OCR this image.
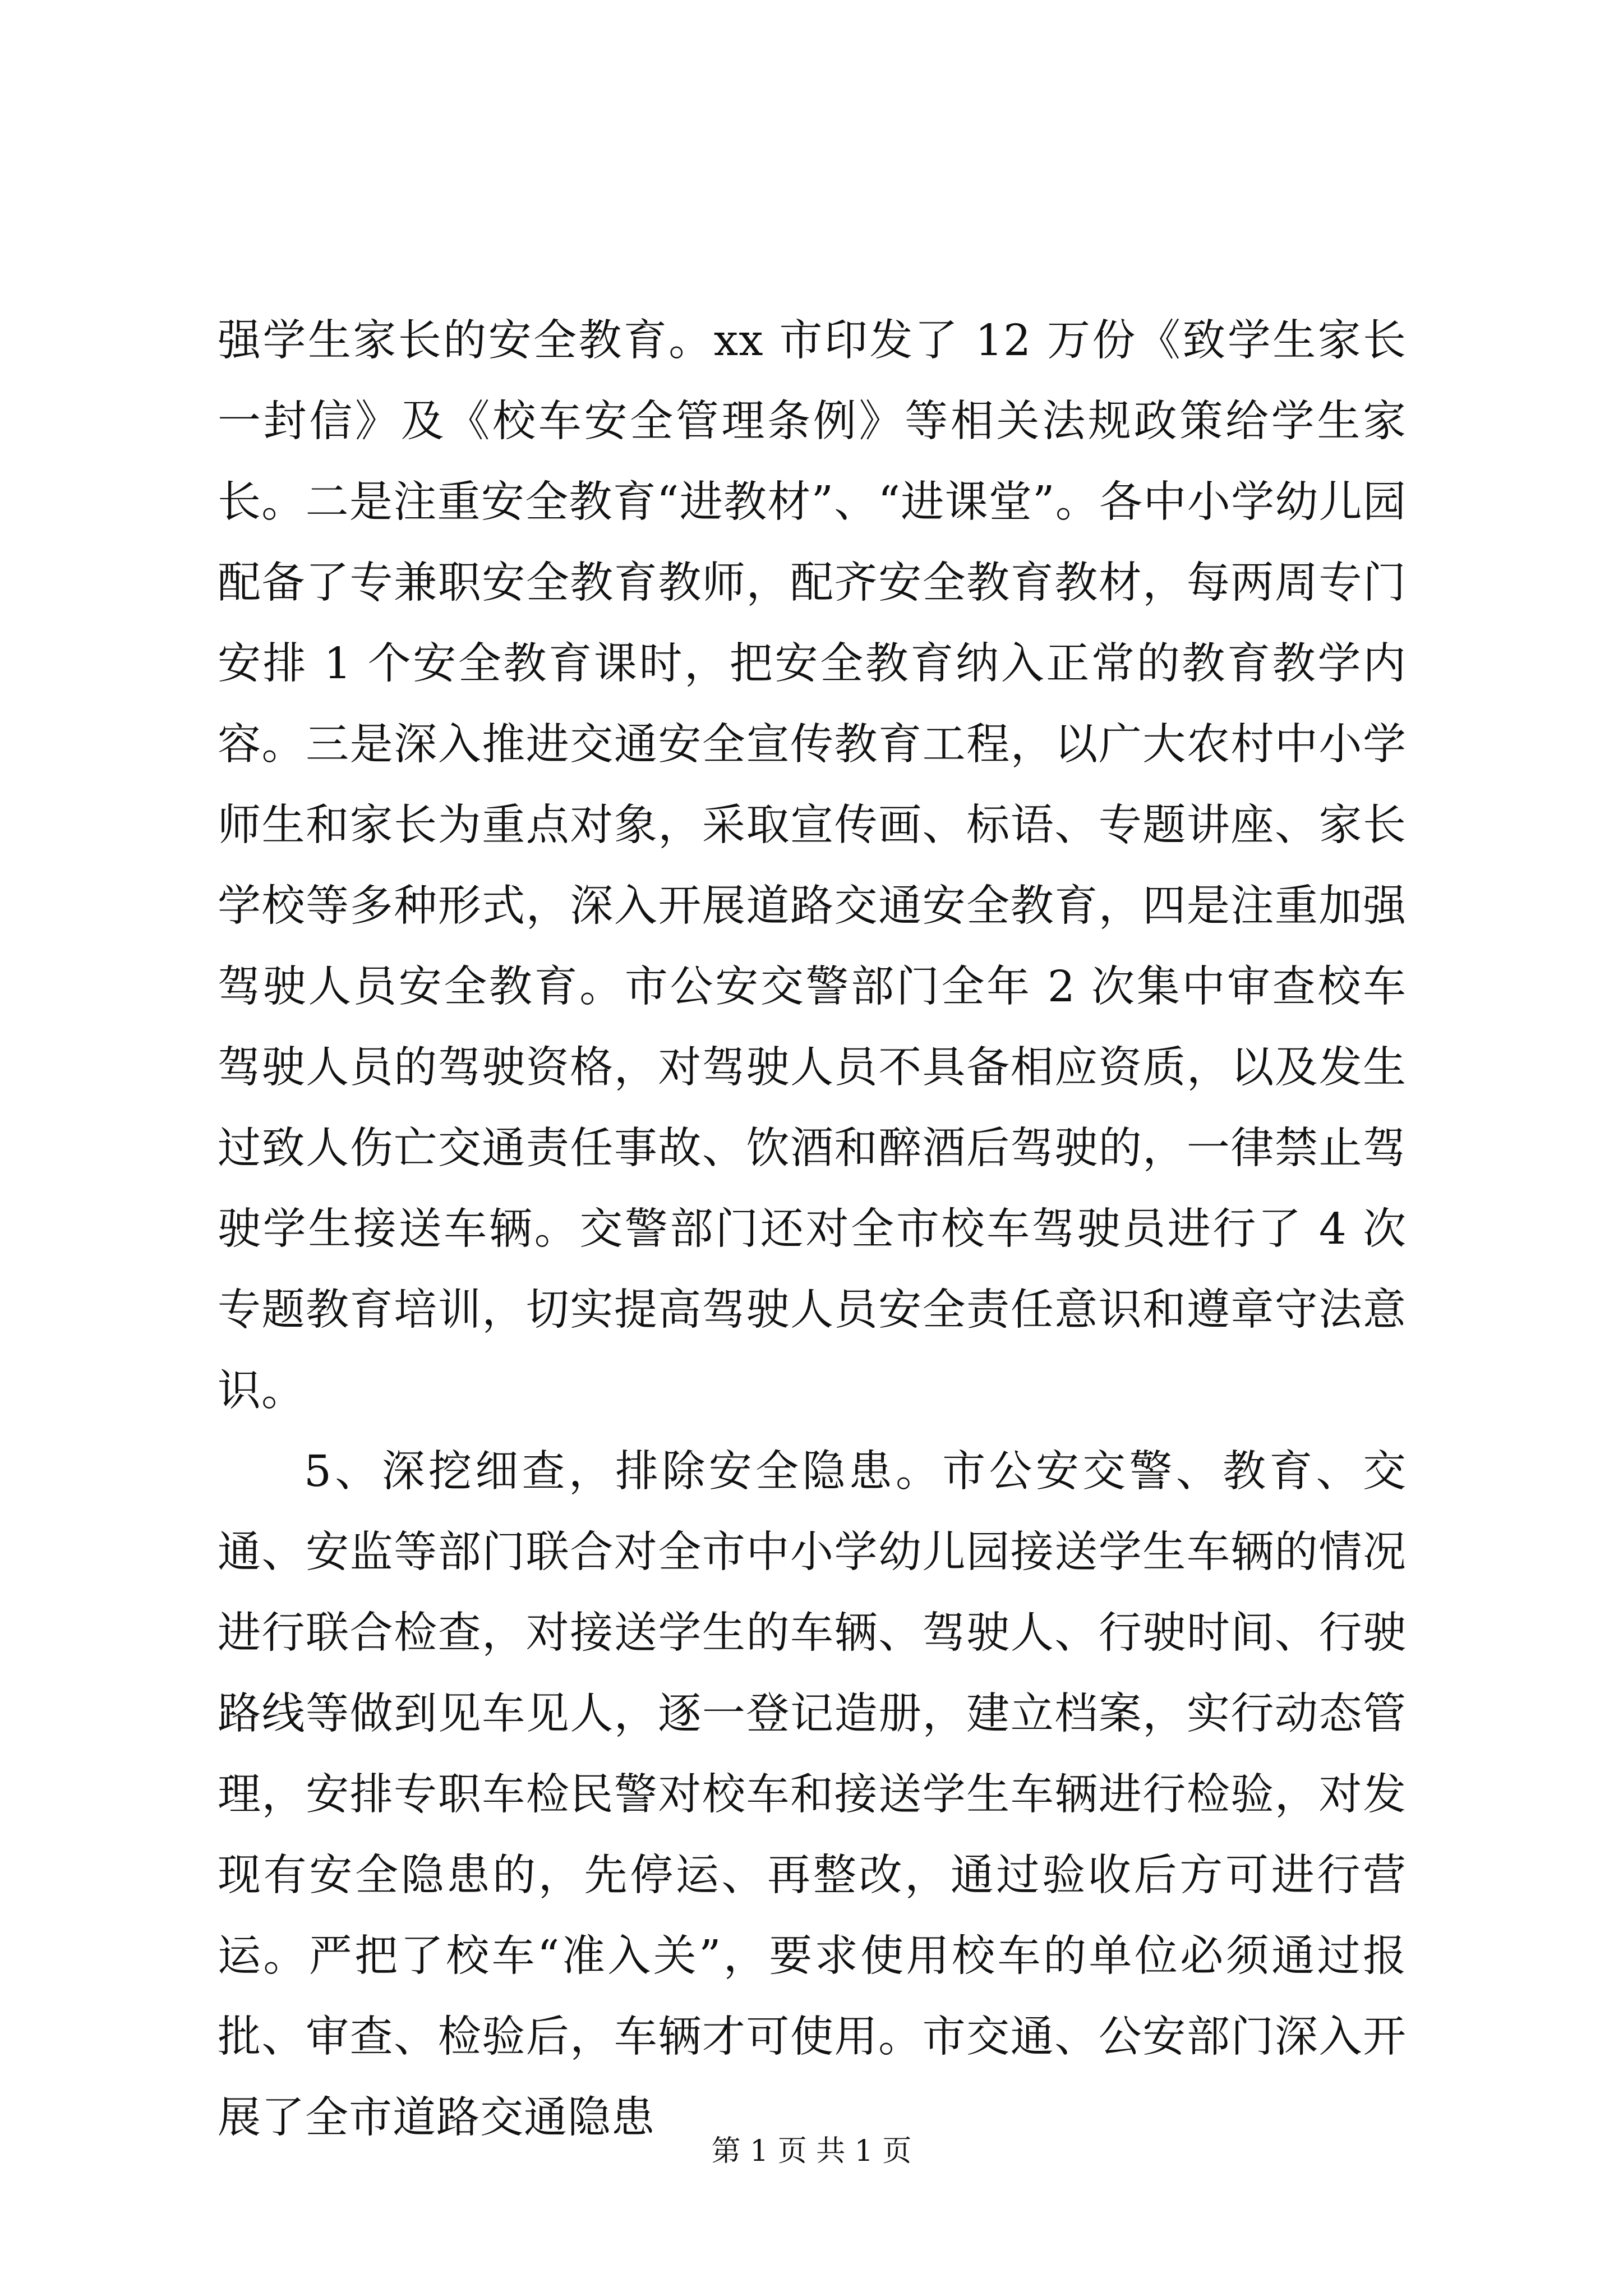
强学生家长的安全教育。xx 市印发了 12 万份《致学生家长一封信》及《校车安全管理条例》等相关法规政策给学生家长。二是注重安全教育“进教材”、“进课堂”。各中小学幼儿园配备了专兼职安全教育教师，配齐安全教育教材，每两周专门安排 1 个安全教育课时，把安全教育纳入正常的教育教学内容。三是深入推进交通安全宣传教育工程，以广大农村中小学师生和家长为重点对象，采取宣传画、标语、专题讲座、家长学校等多种形式，深入开展道路交通安全教育，四是注重加强驾驶人员安全教育。市公安交警部门全年 2 次集中审查校车驾驶人员的驾驶资格，对驾驶人员不具备相应资质，以及发生过致人伤亡交通责任事故、饮酒和醉酒后驾驶的，一律禁止驾驶学生接送车辆。交警部门还对全市校车驾驶员进行了 4 次专题教育培训，切实提高驾驶人员安全责任意识和遵章守法意识。

5、深挖细查，排除安全隐患。市公安交警、教育、交通、安监等部门联合对全市中小学幼儿园接送学生车辆的情况进行联合检查，对接送学生的车辆、驾驶人、行驶时间、行驶路线等做到见车见人，逐一登记造册，建立档案，实行动态管理，安排专职车检民警对校车和接送学生车辆进行检验，对发现有安全隐患的，先停运、再整改，通过验收后方可进行营运。严把了校车“准入关”，要求使用校车的单位必须通过报批、审查、检验后，车辆才可使用。市交通、公安部门深入开展了全市道路交通隐患

第 1 页 共 1 页
